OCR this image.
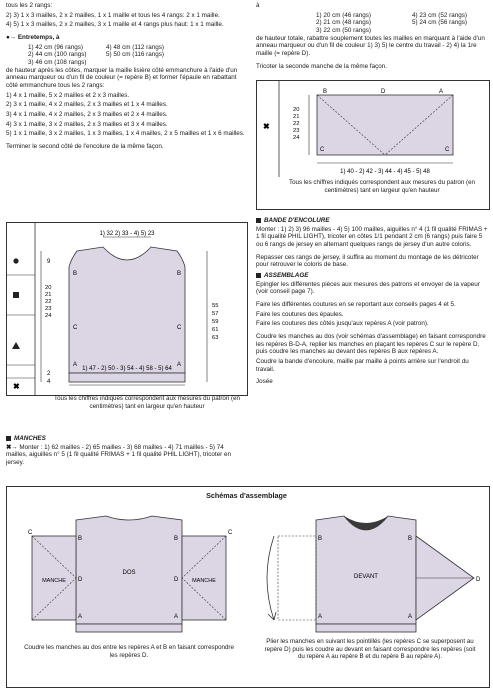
tous les 2 rangs:

2) 3) 1 x 3 mailles, 2 x 2 mailles, 1 x 1 maille et tous les 4 rangs: 2 x 1 maille.

4) 5) 1 x 3 mailles, 2 x 2 mailles, 3 x 1 maille et 4 rangs plus haut: 1 x 1 maille.

●→ Entretemps, à

1) 42 cm (96 rangs)	4) 48 cm (112 rangs)
2) 44 cm (100 rangs)	5) 50 cm (116 rangs)
3) 46 cm (108 rangs)

de hauteur après les côtes, marquer la maille lisière côté emmanchure à l'aide d'un anneau marqueur ou d'un fil de couleur (= repère B) et former l'épaule en rabattant côté emmanchure tous les 2 rangs:

1) 4 x 1 maille, 5 x 2 mailles et 2 x 3 mailles.

2) 3 x 1 maille, 4 x 2 mailles, 2 x 3 mailles et 1 x 4 mailles.

3) 4 x 1 maille, 4 x 2 mailles, 2 x 3 mailles et 2 x 4 mailles.

4) 3 x 1 maille, 3 x 2 mailles, 2 x 3 mailles et 3 x 4 mailles.

5) 1 x 1 maille, 3 x 2 mailles, 1 x 3 mailles, 1 x 4 mailles, 2 x 5 mailles et 1 x 6 mailles.

Terminer le second côté de l'encolure de la même façon.

✖
1) 32 2) 33 - 4) 5) 23
1) 47 - 2) 50 - 3) 54 - 4) 58 - 5) 64
9
20
21
22
23
24
2
4
55
57
59
61
63
B	B
C	C
A	A
Tous les chiffres indiqués correspondent aux mesures du patron (en centimètres) tant en largeur qu'en hauteur

MANCHES

✖→ Monter : 1) 62 mailles - 2) 65 mailles - 3) 68 mailles - 4) 71 mailles - 5) 74 mailles, aiguilles n° 5 (1 fil qualité FRIMAS + 1 fil qualité PHIL LIGHT), tricoter en jersey.

à

1) 20 cm (46 rangs)	4) 23 cm (52 rangs)
2) 21 cm (48 rangs)	5) 24 cm (56 rangs)
3) 22 cm (50 rangs)

de hauteur totale, rabattre souplement toutes les mailles en marquant à l'aide d'un anneau marqueur ou d'un fil de couleur 1) 3) 5) le centre du travail - 2) 4) la 1re maille (= repère D).

Tricoter la seconde manche de la même façon.

✖
20
21
22
23
24
B	D	A
C	C
1) 40 - 2) 42 - 3) 44 - 4) 45 - 5) 48
Tous les chiffres indiqués correspondent aux mesures du patron (en centimètres) tant en largeur qu'en hauteur

BANDE D'ENCOLURE

Monter : 1) 2) 3) 96 mailles - 4) 5) 100 mailles, aiguilles n° 4 (1 fil qualité FRIMAS + 1 fil qualité PHIL LIGHT), tricoter en côtes 1/1 pendant 2 cm (6 rangs) puis faire 5 ou 6 rangs de jersey en alternant quelques rangs de jersey d'un autre coloris.

Repasser ces rangs de jersey, il suffira au moment du montage de les détricoter pour retrouver le coloris de base.

ASSEMBLAGE

Epingler les différentes pièces aux mesures des patrons et envoyer de la vapeur (voir conseil page 7).

Faire les différentes coutures en se reportant aux conseils pages 4 et 5.

Faire les coutures des épaules.

Faire les coutures des côtés jusqu'aux repères A (voir patron).

Coudre les manches au dos (voir schémas d'assemblage) en faisant correspondre les repères B-D-A, replier les manches en plaçant les repères C sur le repère D, puis coudre les manches au devant des repères B aux repères A.

Coudre la bande d'encolure, maille par maille à points arrière sur l'endroit du travail.

Josée

Schémas d'assemblage
DOS
MANCHE	MANCHE
B	B
D	D
A	A
C	C
DEVANT
B	B
A	A
D
Coudre les manches au dos entre les repères A et B en faisant correspondre les repères D.
Plier les manches en suivant les pointillés (les repères C se superposent au repère D) puis les coudre au devant en faisant correspondre les repères (soit du repère A au repère B et du repère B au repère A).
